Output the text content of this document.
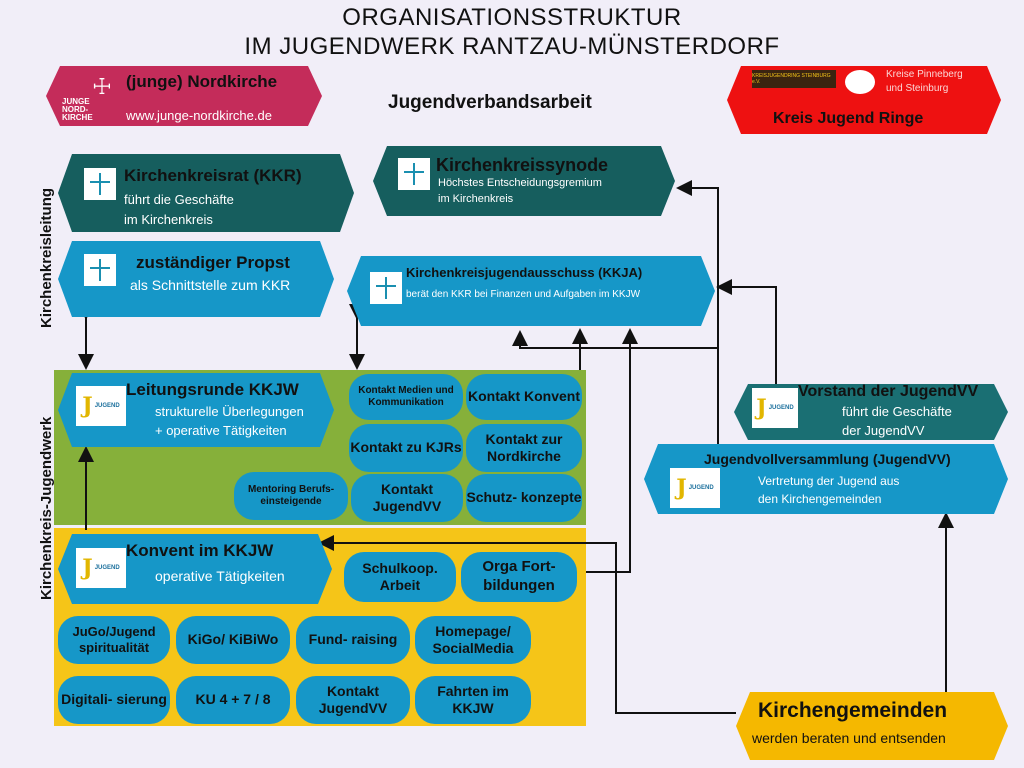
ORGANISATIONSSTRUKTUR
IM JUGENDWERK RANTZAU-MÜNSTERDORF
☩
JUNGE NORD- KIRCHE
(junge) Nordkirche
www.junge-nordkirche.de
Jugendverbandsarbeit
KREISJUGENDRING STEINBURG e.V.
Kreise Pinneberg und Steinburg
Kreis Jugend Ringe
Kirchenkreisleitung
Kirchenkreis-Jugendwerk
Kirchenkreisrat (KKR)
führt die Geschäfte
im Kirchenkreis
Kirchenkreissynode
Höchstes Entscheidungsgremium
im Kirchenkreis
zuständiger Propst
als Schnittstelle zum KKR
Kirchenkreisjugendausschuss (KKJA)
berät den KKR bei Finanzen und Aufgaben im KKJW
J JUGEND
Leitungsrunde KKJW
strukturelle Überlegungen
+ operative Tätigkeiten
Kontakt Medien und Kommunikation	Kontakt Konvent
Kontakt zu KJRs
Kontakt zur Nordkirche
Mentoring Berufs- einsteigende
Kontakt JugendVV
Schutz- konzepte
J JUGEND
Konvent im KKJW
operative Tätigkeiten
Schulkoop. Arbeit
Orga Fort- bildungen
JuGo/Jugend spiritualität
KiGo/ KiBiWo	Fund- raising
Homepage/ SocialMedia
Digitali- sierung	KU 4 + 7 / 8
Kontakt JugendVV
Fahrten im KKJW
J JUGEND
Vorstand der JugendVV
führt die Geschäfte
der JugendVV
J JUGEND
Jugendvollversammlung (JugendVV)
Vertretung der Jugend aus
den Kirchengemeinden
Kirchengemeinden
werden beraten und entsenden
